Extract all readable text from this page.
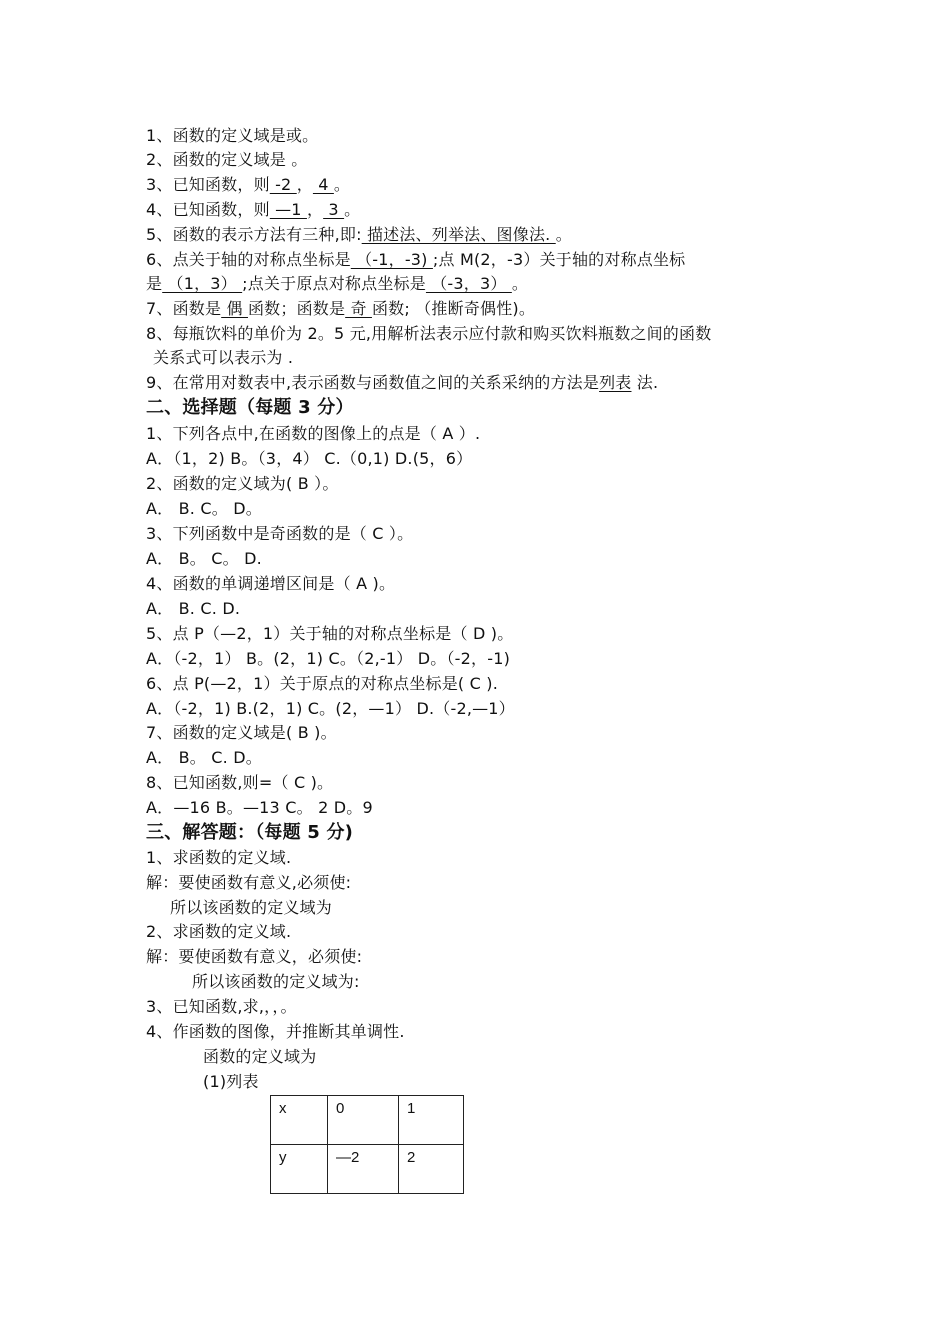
1、函数的定义域是或。
2、函数的定义域是 。
3、已知函数，则 -2 ， 4 。
4、已知函数，则 —1 ， 3 。
5、函数的表示方法有三种,即: 描述法、列举法、图像法. 。
6、点关于轴的对称点坐标是 （-1，-3) ;点 M(2，-3）关于轴的对称点坐标
是 （1，3） ;点关于原点对称点坐标是 （-3，3） 。
7、函数是 偶 函数；函数是 奇 函数; （推断奇偶性)。
8、每瓶饮料的单价为 2。5 元,用解析法表示应付款和购买饮料瓶数之间的函数
关系式可以表示为 .
9、在常用对数表中,表示函数与函数值之间的关系采纳的方法是列表 法.
二、选择题（每题 3 分）
1、下列各点中,在函数的图像上的点是（ A ）.
A．（1，2) B。（3，4） C.（0,1) D.(5，6）
2、函数的定义域为( B ）。
A． B. C。 D。
3、下列函数中是奇函数的是（ C ）。
A． B。 C。 D.
4、函数的单调递增区间是（ A )。
A． B. C. D.
5、点 P（—2，1）关于轴的对称点坐标是（ D )。
A．（-2，1） B。(2，1) C。（2,-1） D。（-2，-1)
6、点 P(—2，1）关于原点的对称点坐标是( C ).
A．（-2，1) B.(2，1) C。(2，—1） D.（-2,—1）
7、函数的定义域是( B )。
A． B。 C. D。
8、已知函数,则=（ C )。
A．—16 B。—13 C。 2 D。9
三、解答题：（每题 5 分)
1、求函数的定义域.
解：要使函数有意义,必须使:
所以该函数的定义域为
2、求函数的定义域.
解：要使函数有意义，必须使:
所以该函数的定义域为:
3、已知函数,求,，，。
4、作函数的图像，并推断其单调性.
函数的定义域为
(1)列表
x	0	1
y	—2	2
